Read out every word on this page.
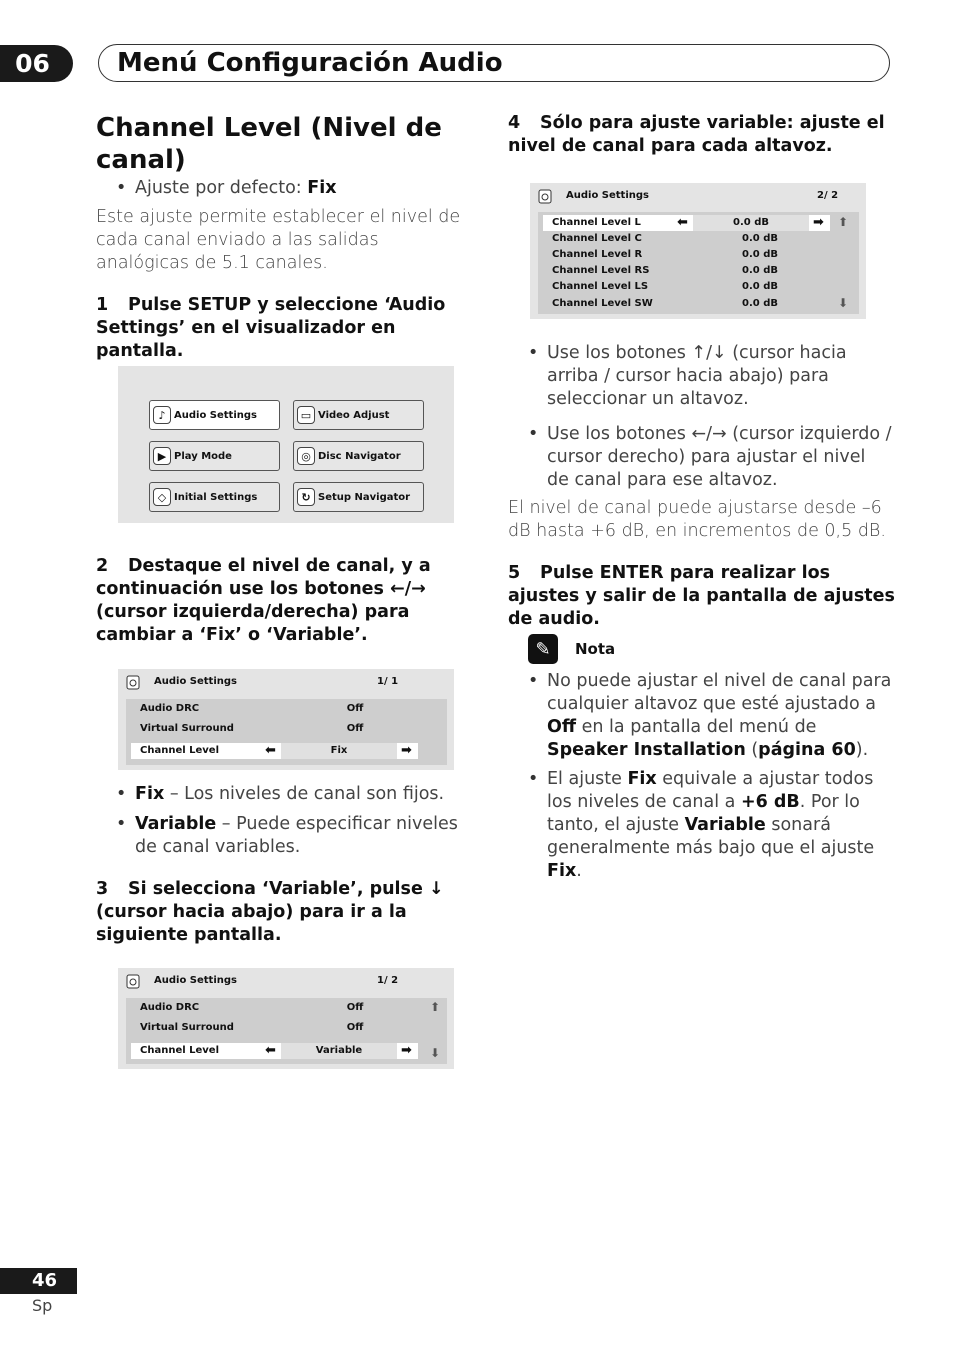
06	Menú Configuración Audio
Channel Level (Nivel de canal)
• Ajuste por defecto: Fix
Este ajuste permite establecer el nivel de cada canal enviado a las salidas analógicas de 5.1 canales.
1 Pulse SETUP y seleccione ‘Audio Settings’ en el visualizador en pantalla.
♪ Audio Settings	▭ Video Adjust
▶ Play Mode	◎ Disc Navigator
◇ Initial Settings	↻ Setup Navigator
2 Destaque el nivel de canal, y a continuación use los botones ←/→ (cursor izquierda/derecha) para cambiar a ‘Fix’ o ‘Variable’.
Audio Settings	1/ 1
Audio DRC	Off
Virtual Surround	Off
Channel Level	⬅	Fix	➡
• Fix – Los niveles de canal son fijos.
• Variable – Puede especificar niveles de canal variables.
3 Si selecciona ‘Variable’, pulse ↓ (cursor hacia abajo) para ir a la siguiente pantalla.
Audio Settings	1/ 2
Audio DRC	Off
Virtual Surround	Off
Channel Level	⬅	Variable	➡
⬆
⬇
4 Sólo para ajuste variable: ajuste el nivel de canal para cada altavoz.
Audio Settings	2/ 2
Channel Level L	⬅	0.0 dB	➡
Channel Level C	0.0 dB
Channel Level R	0.0 dB
Channel Level RS	0.0 dB
Channel Level LS	0.0 dB
Channel Level SW	0.0 dB
⬆
⬇
• Use los botones ↑/↓ (cursor hacia arriba / cursor hacia abajo) para seleccionar un altavoz.
• Use los botones ←/→ (cursor izquierdo / cursor derecho) para ajustar el nivel de canal para ese altavoz.
El nivel de canal puede ajustarse desde –6 dB hasta +6 dB, en incrementos de 0,5 dB.
5 Pulse ENTER para realizar los ajustes y salir de la pantalla de ajustes de audio.
✎	Nota
• No puede ajustar el nivel de canal para cualquier altavoz que esté ajustado a Off en la pantalla del menú de Speaker Installation (página 60).
• El ajuste Fix equivale a ajustar todos los niveles de canal a +6 dB. Por lo tanto, el ajuste Variable sonará generalmente más bajo que el ajuste Fix.
46
Sp
